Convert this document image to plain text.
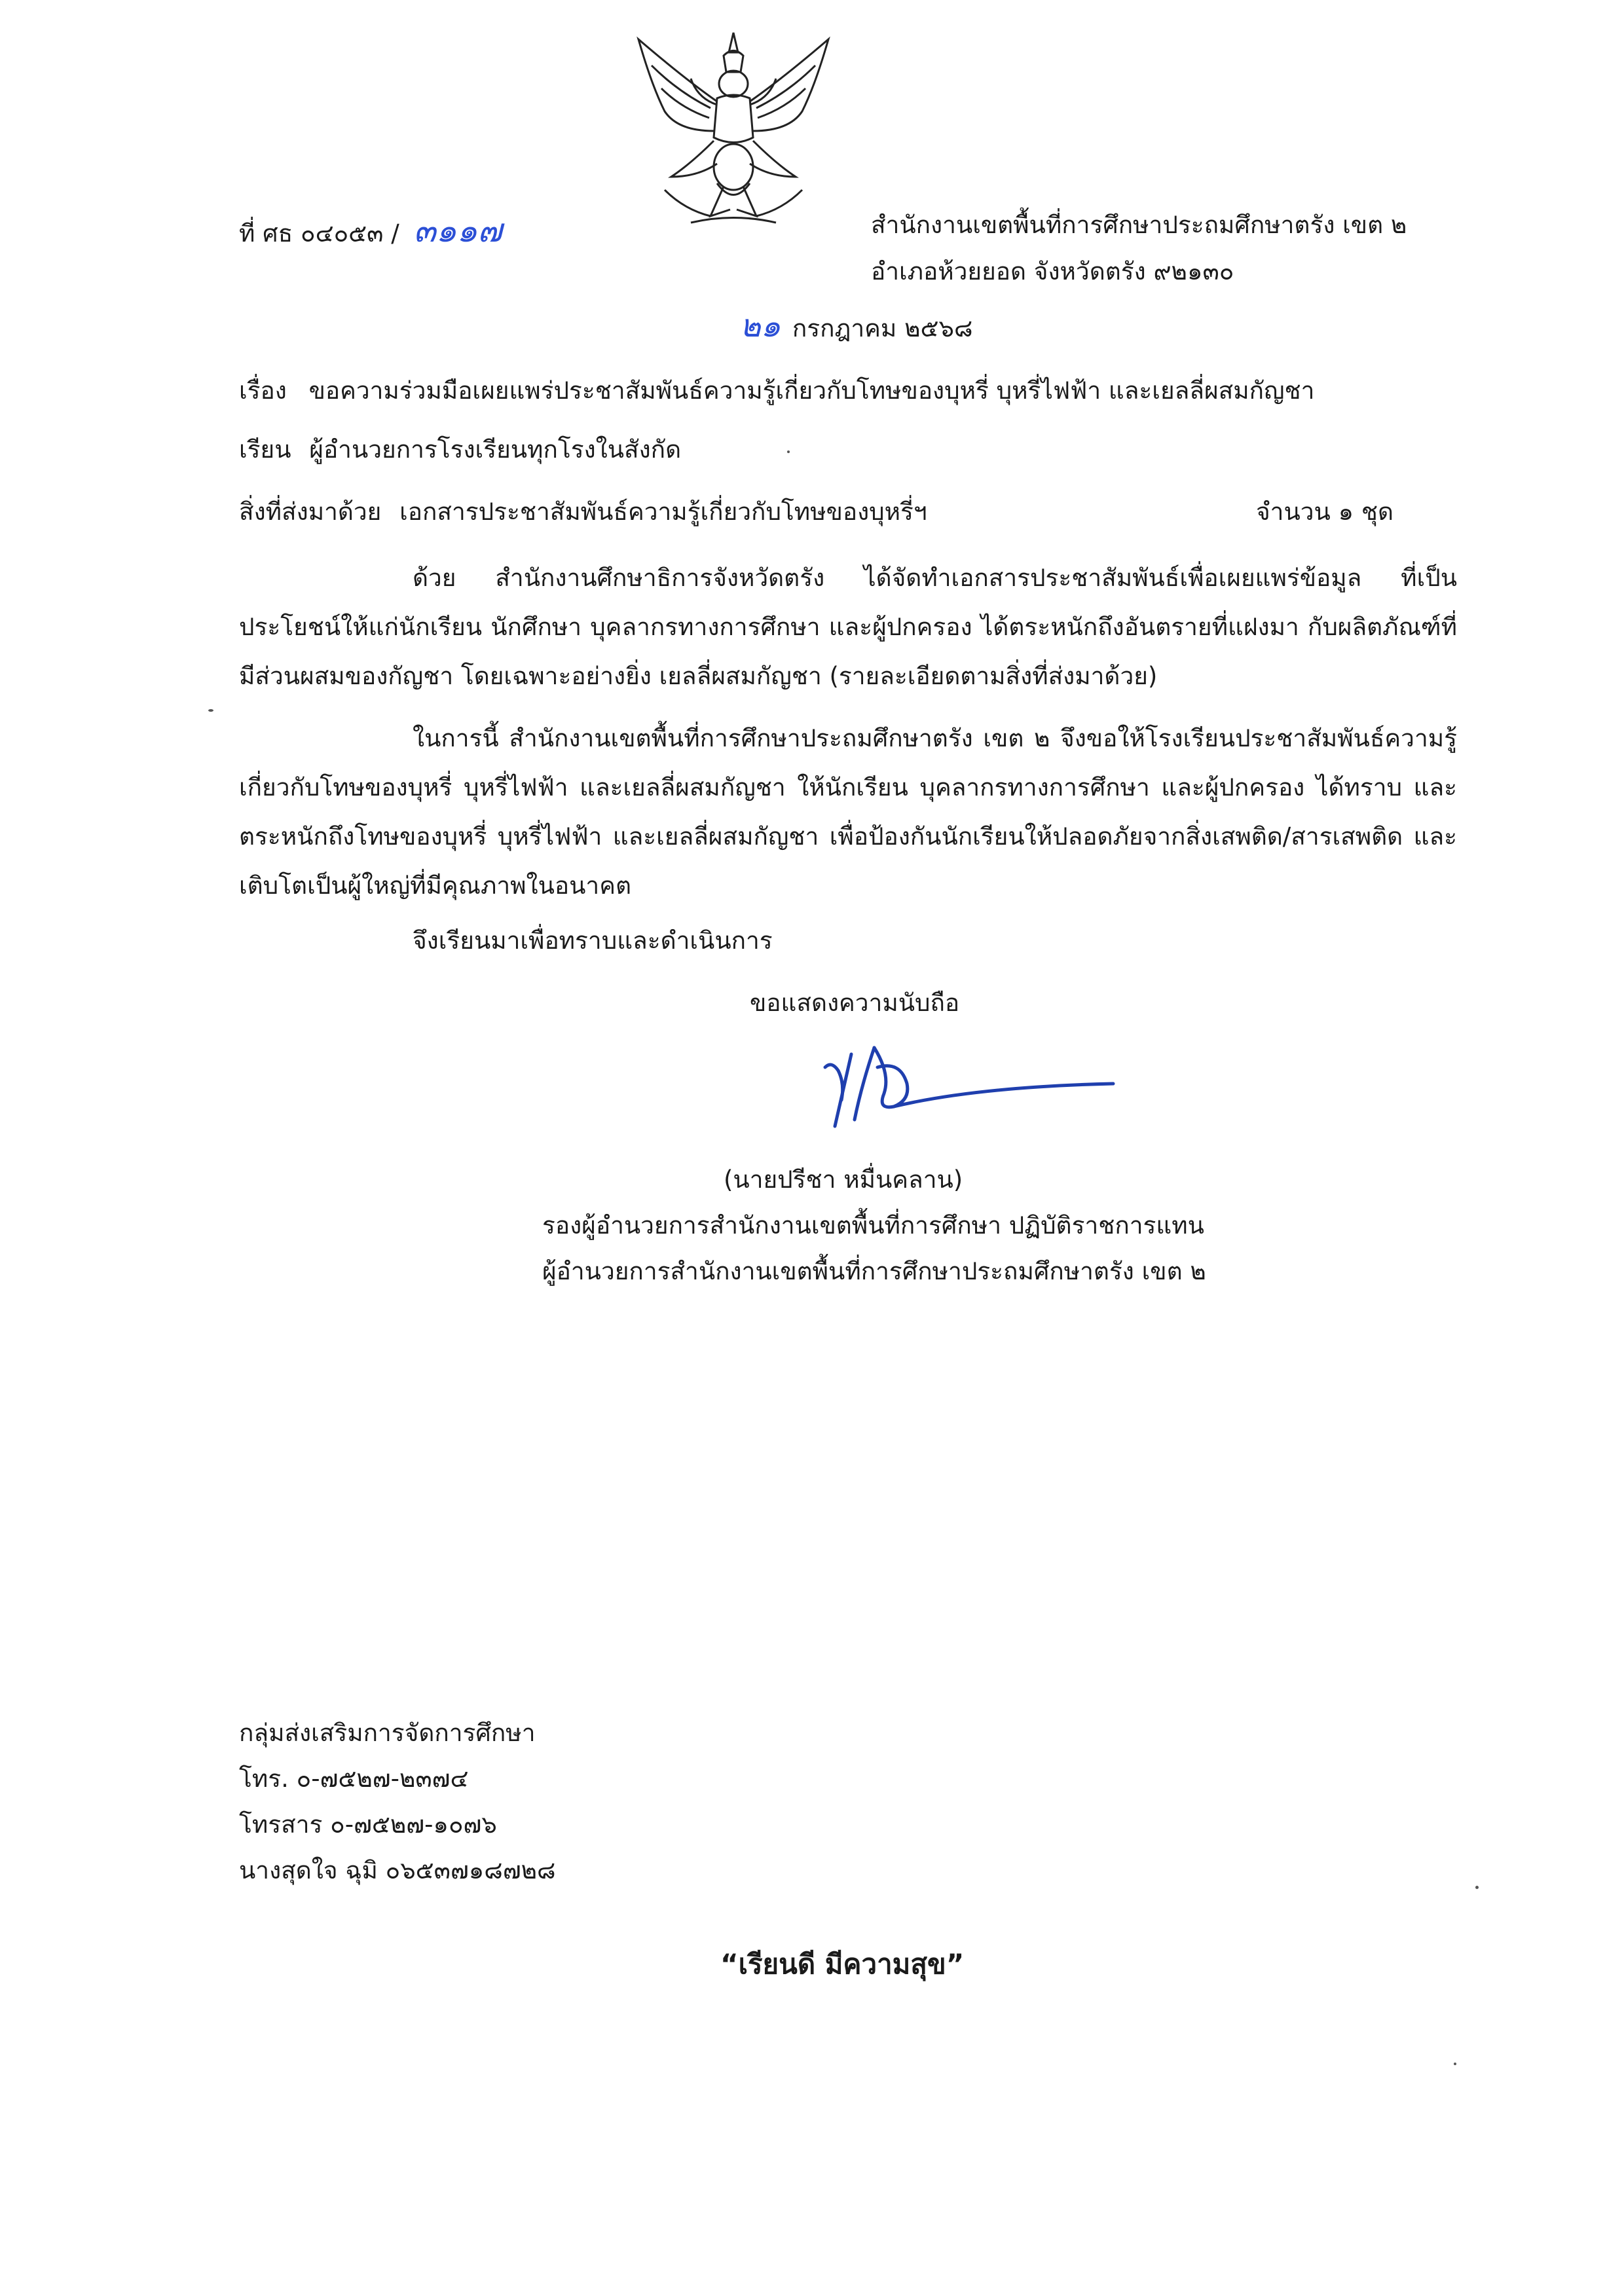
ที่ ศธ ๐๔๐๕๓ / ๓๑๑๗	สำนักงานเขตพื้นที่การศึกษาประถมศึกษาตรัง เขต ๒
อำเภอห้วยยอด จังหวัดตรัง ๙๒๑๓๐
๒๑ กรกฎาคม ๒๕๖๘
เรื่อง ขอความร่วมมือเผยแพร่ประชาสัมพันธ์ความรู้เกี่ยวกับโทษของบุหรี่ บุหรี่ไฟฟ้า และเยลลี่ผสมกัญชา
เรียน ผู้อำนวยการโรงเรียนทุกโรงในสังกัด
สิ่งที่ส่งมาด้วย เอกสารประชาสัมพันธ์ความรู้เกี่ยวกับโทษของบุหรี่ฯ	จำนวน ๑ ชุด
ด้วย สำนักงานศึกษาธิการจังหวัดตรัง ได้จัดทำเอกสารประชาสัมพันธ์เพื่อเผยแพร่ข้อมูล ที่เป็นประโยชน์ให้แก่นักเรียน นักศึกษา บุคลากรทางการศึกษา และผู้ปกครอง ได้ตระหนักถึงอันตรายที่แฝงมา กับผลิตภัณฑ์ที่มีส่วนผสมของกัญชา โดยเฉพาะอย่างยิ่ง เยลลี่ผสมกัญชา (รายละเอียดตามสิ่งที่ส่งมาด้วย)
ในการนี้ สำนักงานเขตพื้นที่การศึกษาประถมศึกษาตรัง เขต ๒ จึงขอให้โรงเรียนประชาสัมพันธ์ความรู้ เกี่ยวกับโทษของบุหรี่ บุหรี่ไฟฟ้า และเยลลี่ผสมกัญชา ให้นักเรียน บุคลากรทางการศึกษา และผู้ปกครอง ได้ทราบ และ ตระหนักถึงโทษของบุหรี่ บุหรี่ไฟฟ้า และเยลลี่ผสมกัญชา เพื่อป้องกันนักเรียนให้ปลอดภัยจากสิ่งเสพติด/สารเสพติด และ เติบโตเป็นผู้ใหญ่ที่มีคุณภาพในอนาคต
จึงเรียนมาเพื่อทราบและดำเนินการ
ขอแสดงความนับถือ
(นายปรีชา หมื่นคลาน)
รองผู้อำนวยการสำนักงานเขตพื้นที่การศึกษา ปฏิบัติราชการแทน
ผู้อำนวยการสำนักงานเขตพื้นที่การศึกษาประถมศึกษาตรัง เขต ๒
กลุ่มส่งเสริมการจัดการศึกษา
โทร. ๐-๗๕๒๗-๒๓๗๔
โทรสาร ๐-๗๕๒๗-๑๐๗๖
นางสุดใจ ฉุมิ ๐๖๕๓๗๑๘๗๒๘
“เรียนดี มีความสุข”
